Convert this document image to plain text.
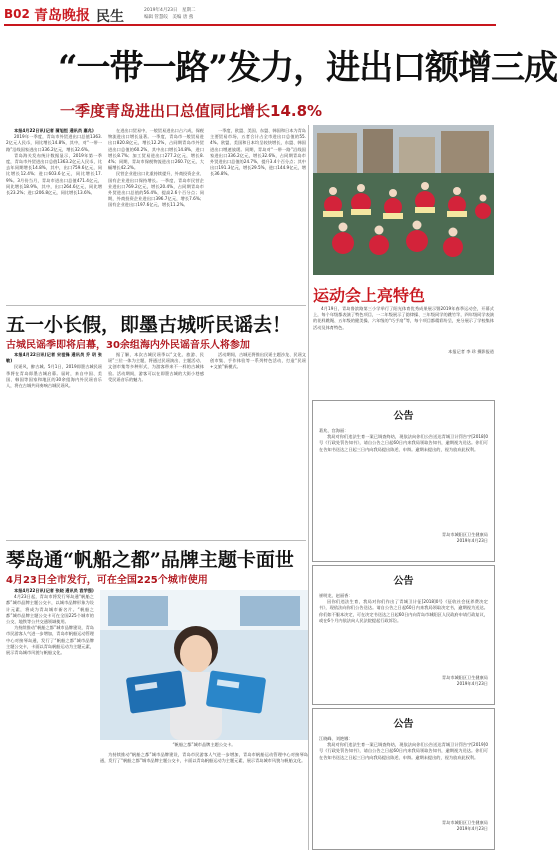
B02 青岛晚报 民生	2019年4月23日　星期二
编辑 管慧皎　美编 唐 燕
“一带一路”发力，进出口额增三成
一季度青岛进出口总值同比增长14.8%

本报4月22日讯(记者 蒲旭恒 通讯员 嘉兆)

2019年一季度，青岛市外贸进出口总值1363.2亿元人民币，同比增长14.8%，其中，对“一带一路”沿线国家进出口336.2亿元，增长32.6%。

青岛海关发布统计数据显示，2019年第一季度，青岛市外贸进出口总值1363.2亿元人民币，比去年同期增长14.8%，其中，出口759.6亿元，同比增长12.4%；进口603.6亿元，同比增长17.9%。3月份当月，青岛市进出口总值471.4亿元，同比增长18.9%，其中，出口264.6亿元，同比增长23.2%；进口206.8亿元，同比增长13.6%。

在进出口贸易中，一般贸易进出口占六成，保税物流进出口增长显著。一季度，青岛市一般贸易进出口820.8亿元，增长12.2%，占同期青岛市外贸进出口总值的60.2%，其中出口增长14.8%，进口增长8.7%；加工贸易进出口277.2亿元，增长8.4%；同期，青岛市保税物流进出口260.7亿元，大幅增长42.2%。

民营企业进出口比重持续提升，外商投资企业、国有企业进出口保持增长。一季度，青岛市民营企业进出口769.2亿元，增长20.4%，占同期青岛市外贸进出口总值的56.4%，提高2.6个百分点；同期，外商投资企业进出口396.7亿元，增长7.6%；国有企业进出口197.6亿元，增长11.2%。

一季度，欧盟、美国、东盟、韩国和日本为青岛主要贸易市场，五者合计占全市进出口总值的55.4%。欧盟、美国和日本均呈较快增长，东盟、韩国进出口增速放缓。同期，青岛对“一带一路”沿线国家进出口336.2亿元，增长32.6%，占同期青岛市外贸进出口总值的24.7%，提升3.4个百分点；其中出口191.3亿元，增长29.5%，进口144.9亿元，增长36.8%。

运动会上亮特色

4月19日，青岛鲁滨路第三小学举行了阳光体育优秀成果展示暨2019年春季运动会，开幕式上，每个年级都表演了特色项目，一二年级展示了韵律操、三年级同学的跳竹竿，四年级同学表演的花样跳绳、五年级的健美操、六年级的“巧手扇”等，每个项目都精彩纷呈，充分展示了学校集体活动及体育特色。

本报记者 李 珍 摄影报道
五一小长假，即墨古城听民谣去！
古城民谣季即将启幕，30余组海内外民谣音乐人将参加

本报4月22日讯(记者 宋祖锋 通讯员 乔 玥 张敏)

民谣风，醉古城。5月1日，2019即墨古城民谣季将在青岛即墨古城启幕。届时，来自中国、美国、韩国等国家和地区的30余组海内外民谣音乐人，将在古城共同奏响古城民谣风。

据了解，本次古城民谣季以“文化、旅游、民谣”三位一体为主题，将通过民谣演出、主题活动、文创市集等多种形式，为游客带来不一样的古城体验。活动期间，游客可以在即墨古城的大街小巷感受民谣音乐的魅力。

活动期间，古城还将推出民谣主题沙龙、民谣文创市集、手作体验等一系列特色活动，打造“民谣+文旅”新模式。

琴岛通“帆船之都”品牌主题卡面世
4月23日全市发行，可在全国225个城市使用

本报4月22日讯(记者 张晓 通讯员 袁学强)

4月23日起，青岛市将发行琴岛通“帆船之都”城市品牌主题公交卡，以城市品牌形象为设计元素，将成为青岛城市新名片。“帆船之都”城市品牌主题公交卡可在全国225个城市的公交、地铁等公共交通领域使用。

为持续推动“帆船之都”城市品牌建设，青岛市民游客人气进一步增加，青岛市帆船运动管理中心对接琴岛通，发行了“帆船之都”城市品牌主题公交卡，卡面以青岛帆船运动为主题元素，展示青岛城市风貌与帆船文化。

“帆船之都”城市品牌主题公交卡。

为持续推动“帆船之都”城市品牌建设，青岛市民游客人气进一步增加，青岛市帆船运动管理中心对接琴岛通，发行了“帆船之都”城市品牌主题公交卡，卡面以青岛帆船运动为主题元素，展示青岛城市风貌与帆船文化。

公告
葛兆、宫海丽：

我局对你们违法生育一案已调查终结，现依法向你们公告送达青城卫计罚告字[2018]0号《行政处罚告知书》，请自公告之日起60日内来我局领取告知书，逾期视为送达。你们可在告知书送达之日起三日内向我局提出陈述、申辩。逾期未提出的，视为放弃此权利。

青岛市城阳区卫生健康局
2019年4月23日
公告
崔明龙、赵丽香：

因你们违法生育，我局对你们作出了青城卫计征[2018]0号《征收社会抚养费决定书》，现依法向你们公告送达。请自公告之日起60日内来我局领取决定书，逾期视为送达。你们如不服本决定，可在决定书送达之日起60日内向青岛市城阳区人民政府申请行政复议，或在6个月内依法向人民法院提起行政诉讼。

青岛市城阳区卫生健康局
2019年4月23日
公告
江晓峰、刘艳娜：

我局对你们违法生育一案已调查终结，现依法向你们公告送达青城卫计罚告字[2019]0号《行政处罚告知书》，请自公告之日起60日内来我局领取告知书，逾期视为送达。你们可在告知书送达之日起三日内向我局提出陈述、申辩。逾期未提出的，视为放弃此权利。

青岛市城阳区卫生健康局
2019年4月23日
